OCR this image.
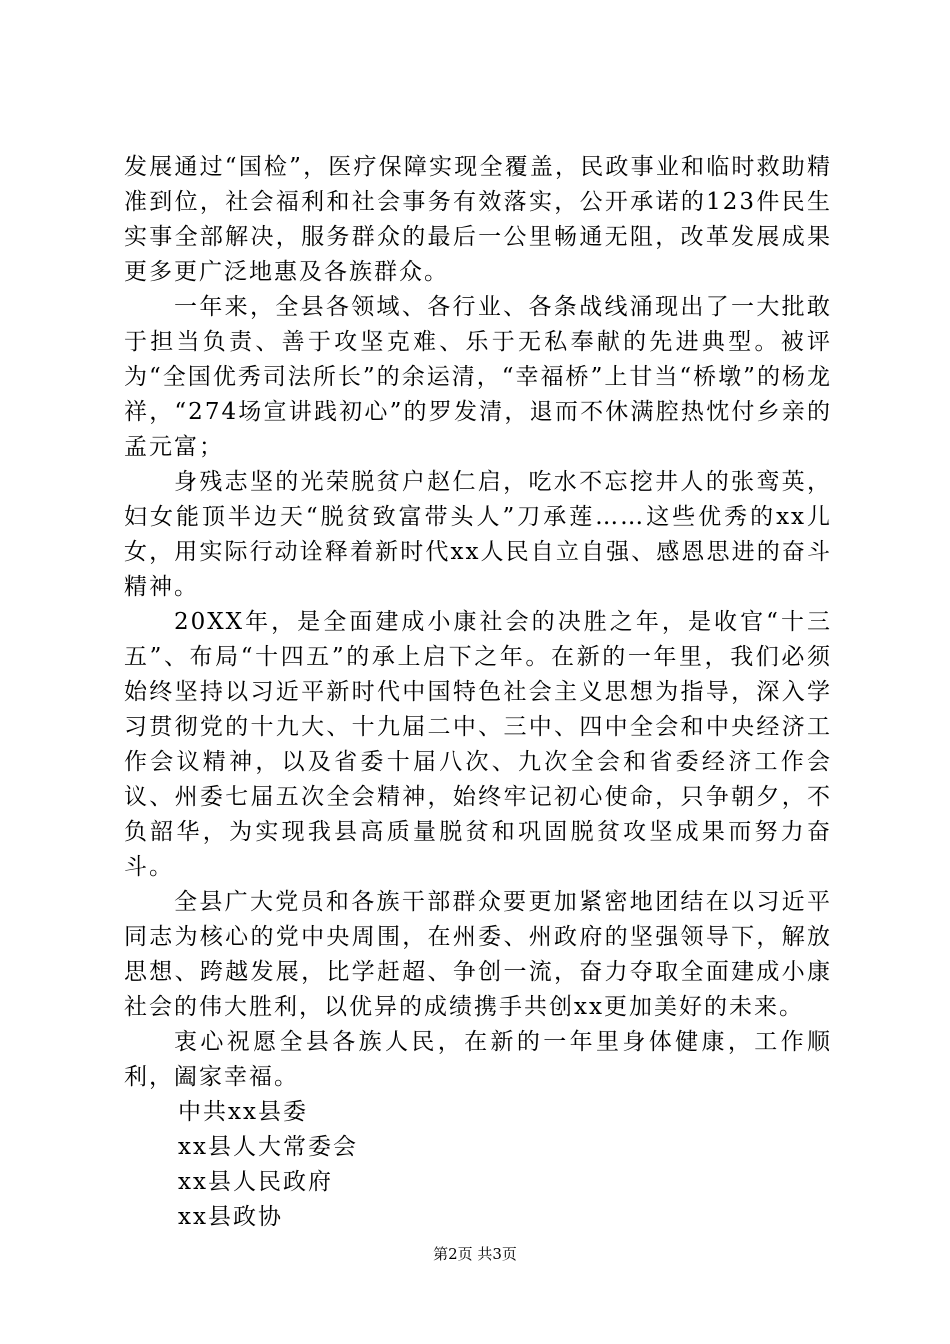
发展通过“国检”，医疗保障实现全覆盖，民政事业和临时救助精准到位，社会福利和社会事务有效落实，公开承诺的123件民生实事全部解决，服务群众的最后一公里畅通无阻，改革发展成果更多更广泛地惠及各族群众。

一年来，全县各领域、各行业、各条战线涌现出了一大批敢于担当负责、善于攻坚克难、乐于无私奉献的先进典型。被评为“全国优秀司法所长”的余运清，“幸福桥”上甘当“桥墩”的杨龙祥，“274场宣讲践初心”的罗发清，退而不休满腔热忱付乡亲的孟元富；

身残志坚的光荣脱贫户赵仁启，吃水不忘挖井人的张鸾英，妇女能顶半边天“脱贫致富带头人”刀承莲……这些优秀的xx儿女，用实际行动诠释着新时代xx人民自立自强、感恩思进的奋斗精神。

20XX年，是全面建成小康社会的决胜之年，是收官“十三五”、布局“十四五”的承上启下之年。在新的一年里，我们必须始终坚持以习近平新时代中国特色社会主义思想为指导，深入学习贯彻党的十九大、十九届二中、三中、四中全会和中央经济工作会议精神，以及省委十届八次、九次全会和省委经济工作会议、州委七届五次全会精神，始终牢记初心使命，只争朝夕，不负韶华，为实现我县高质量脱贫和巩固脱贫攻坚成果而努力奋斗。

全县广大党员和各族干部群众要更加紧密地团结在以习近平同志为核心的党中央周围，在州委、州政府的坚强领导下，解放思想、跨越发展，比学赶超、争创一流，奋力夺取全面建成小康社会的伟大胜利，以优异的成绩携手共创xx更加美好的未来。

衷心祝愿全县各族人民，在新的一年里身体健康，工作顺利，阖家幸福。

中共xx县委

xx县人大常委会

xx县人民政府

xx县政协

第2页 共3页
